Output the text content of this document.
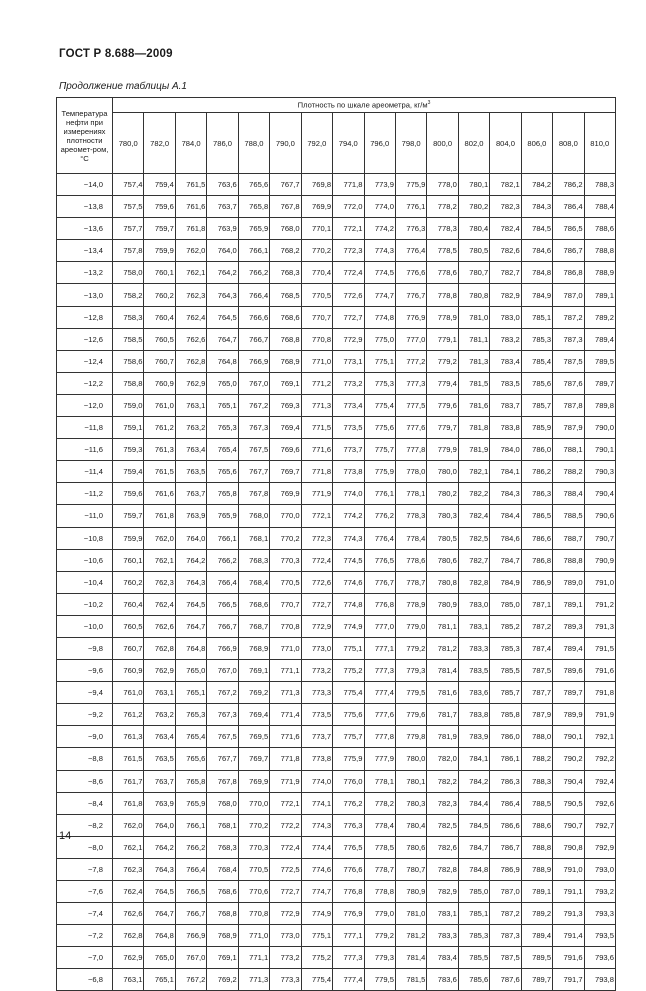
ГОСТ Р 8.688—2009
Продолжение таблицы А.1
Температура нефти при измерениях плотности ареомет-ром, °С	Плотность по шкале ареометра, $кг/м^3$
	780,0	782,0	784,0	786,0	788,0	790,0	792,0	794,0	796,0	798,0	800,0	802,0	804,0	806,0	808,0	810,0
−14,0	757,4	759,4	761,5	763,6	765,6	767,7	769,8	771,8	773,9	775,9	778,0	780,1	782,1	784,2	786,2	788,3
−13,8	757,5	759,6	761,6	763,7	765,8	767,8	769,9	772,0	774,0	776,1	778,2	780,2	782,3	784,3	786,4	788,4
−13,6	757,7	759,7	761,8	763,9	765,9	768,0	770,1	772,1	774,2	776,3	778,3	780,4	782,4	784,5	786,5	788,6
−13,4	757,8	759,9	762,0	764,0	766,1	768,2	770,2	772,3	774,3	776,4	778,5	780,5	782,6	784,6	786,7	788,8
−13,2	758,0	760,1	762,1	764,2	766,2	768,3	770,4	772,4	774,5	776,6	778,6	780,7	782,7	784,8	786,8	788,9
−13,0	758,2	760,2	762,3	764,3	766,4	768,5	770,5	772,6	774,7	776,7	778,8	780,8	782,9	784,9	787,0	789,1
−12,8	758,3	760,4	762,4	764,5	766,6	768,6	770,7	772,7	774,8	776,9	778,9	781,0	783,0	785,1	787,2	789,2
−12,6	758,5	760,5	762,6	764,7	766,7	768,8	770,8	772,9	775,0	777,0	779,1	781,1	783,2	785,3	787,3	789,4
−12,4	758,6	760,7	762,8	764,8	766,9	768,9	771,0	773,1	775,1	777,2	779,2	781,3	783,4	785,4	787,5	789,5
−12,2	758,8	760,9	762,9	765,0	767,0	769,1	771,2	773,2	775,3	777,3	779,4	781,5	783,5	785,6	787,6	789,7
−12,0	759,0	761,0	763,1	765,1	767,2	769,3	771,3	773,4	775,4	777,5	779,6	781,6	783,7	785,7	787,8	789,8
−11,8	759,1	761,2	763,2	765,3	767,3	769,4	771,5	773,5	775,6	777,6	779,7	781,8	783,8	785,9	787,9	790,0
−11,6	759,3	761,3	763,4	765,4	767,5	769,6	771,6	773,7	775,7	777,8	779,9	781,9	784,0	786,0	788,1	790,1
−11,4	759,4	761,5	763,5	765,6	767,7	769,7	771,8	773,8	775,9	778,0	780,0	782,1	784,1	786,2	788,2	790,3
−11,2	759,6	761,6	763,7	765,8	767,8	769,9	771,9	774,0	776,1	778,1	780,2	782,2	784,3	786,3	788,4	790,4
−11,0	759,7	761,8	763,9	765,9	768,0	770,0	772,1	774,2	776,2	778,3	780,3	782,4	784,4	786,5	788,5	790,6
−10,8	759,9	762,0	764,0	766,1	768,1	770,2	772,3	774,3	776,4	778,4	780,5	782,5	784,6	786,6	788,7	790,7
−10,6	760,1	762,1	764,2	766,2	768,3	770,3	772,4	774,5	776,5	778,6	780,6	782,7	784,7	786,8	788,8	790,9
−10,4	760,2	762,3	764,3	766,4	768,4	770,5	772,6	774,6	776,7	778,7	780,8	782,8	784,9	786,9	789,0	791,0
−10,2	760,4	762,4	764,5	766,5	768,6	770,7	772,7	774,8	776,8	778,9	780,9	783,0	785,0	787,1	789,1	791,2
−10,0	760,5	762,6	764,7	766,7	768,7	770,8	772,9	774,9	777,0	779,0	781,1	783,1	785,2	787,2	789,3	791,3
−9,8	760,7	762,8	764,8	766,9	768,9	771,0	773,0	775,1	777,1	779,2	781,2	783,3	785,3	787,4	789,4	791,5
−9,6	760,9	762,9	765,0	767,0	769,1	771,1	773,2	775,2	777,3	779,3	781,4	783,5	785,5	787,5	789,6	791,6
−9,4	761,0	763,1	765,1	767,2	769,2	771,3	773,3	775,4	777,4	779,5	781,6	783,6	785,7	787,7	789,7	791,8
−9,2	761,2	763,2	765,3	767,3	769,4	771,4	773,5	775,6	777,6	779,6	781,7	783,8	785,8	787,9	789,9	791,9
−9,0	761,3	763,4	765,4	767,5	769,5	771,6	773,7	775,7	777,8	779,8	781,9	783,9	786,0	788,0	790,1	792,1
−8,8	761,5	763,5	765,6	767,7	769,7	771,8	773,8	775,9	777,9	780,0	782,0	784,1	786,1	788,2	790,2	792,2
−8,6	761,7	763,7	765,8	767,8	769,9	771,9	774,0	776,0	778,1	780,1	782,2	784,2	786,3	788,3	790,4	792,4
−8,4	761,8	763,9	765,9	768,0	770,0	772,1	774,1	776,2	778,2	780,3	782,3	784,4	786,4	788,5	790,5	792,6
−8,2	762,0	764,0	766,1	768,1	770,2	772,2	774,3	776,3	778,4	780,4	782,5	784,5	786,6	788,6	790,7	792,7
−8,0	762,1	764,2	766,2	768,3	770,3	772,4	774,4	776,5	778,5	780,6	782,6	784,7	786,7	788,8	790,8	792,9
−7,8	762,3	764,3	766,4	768,4	770,5	772,5	774,6	776,6	778,7	780,7	782,8	784,8	786,9	788,9	791,0	793,0
−7,6	762,4	764,5	766,5	768,6	770,6	772,7	774,7	776,8	778,8	780,9	782,9	785,0	787,0	789,1	791,1	793,2
−7,4	762,6	764,7	766,7	768,8	770,8	772,9	774,9	776,9	779,0	781,0	783,1	785,1	787,2	789,2	791,3	793,3
−7,2	762,8	764,8	766,9	768,9	771,0	773,0	775,1	777,1	779,2	781,2	783,3	785,3	787,3	789,4	791,4	793,5
−7,0	762,9	765,0	767,0	769,1	771,1	773,2	775,2	777,3	779,3	781,4	783,4	785,5	787,5	789,5	791,6	793,6
−6,8	763,1	765,1	767,2	769,2	771,3	773,3	775,4	777,4	779,5	781,5	783,6	785,6	787,6	789,7	791,7	793,8
14
